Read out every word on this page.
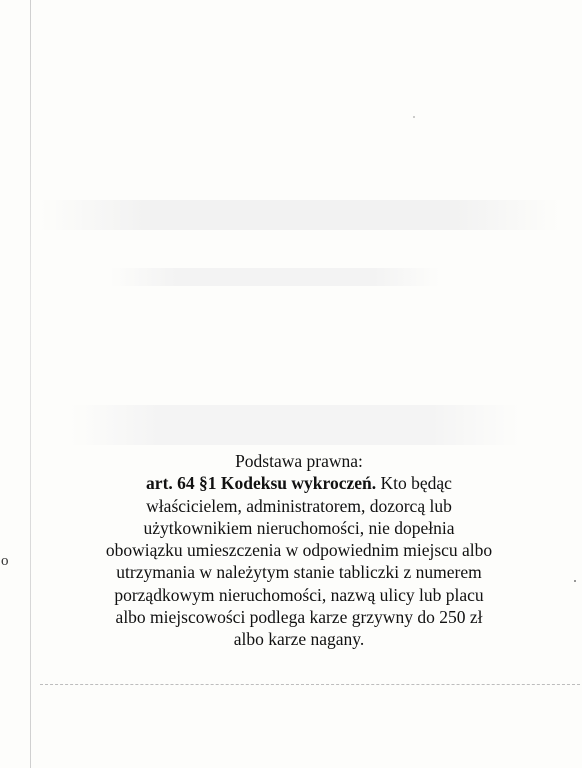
o
Podstawa prawna:
art. 64 §1 Kodeksu wykroczeń. Kto będąc
właścicielem, administratorem, dozorcą lub
użytkownikiem nieruchomości, nie dopełnia
obowiązku umieszczenia w odpowiednim miejscu albo
utrzymania w należytym stanie tabliczki z numerem
porządkowym nieruchomości, nazwą ulicy lub placu
albo miejscowości podlega karze grzywny do 250 zł
albo karze nagany.
